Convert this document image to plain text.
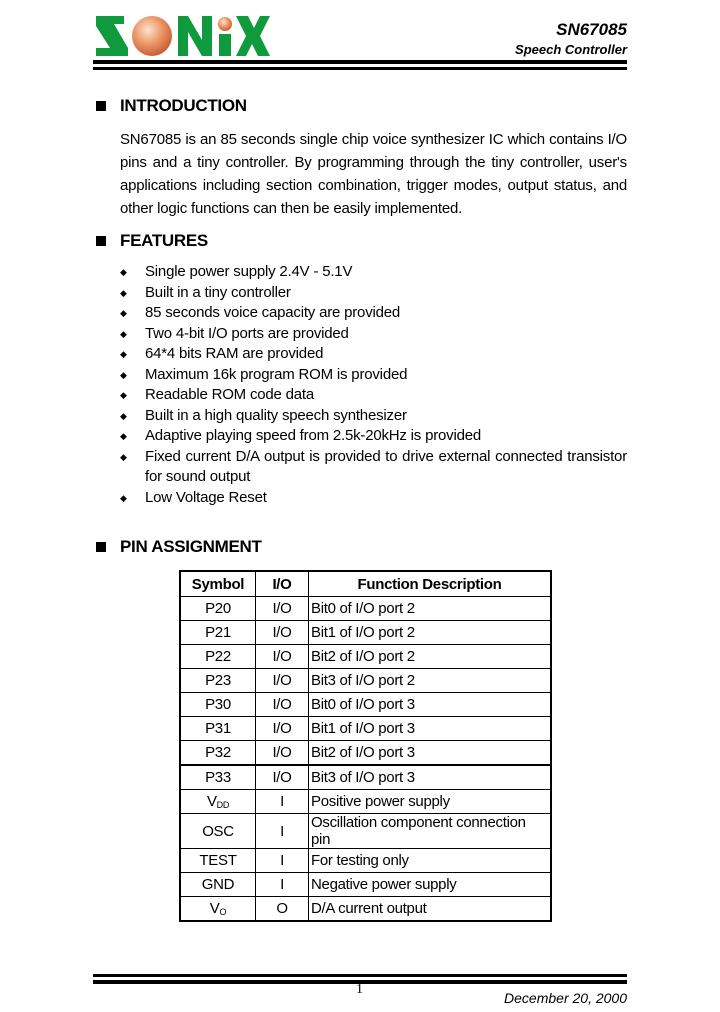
SN67085
Speech Controller
INTRODUCTION
SN67085 is an 85 seconds single chip voice synthesizer IC which contains I/O pins and a tiny controller. By programming through the tiny controller, user's applications including section combination, trigger modes, output status, and other logic functions can then be easily implemented.
FEATURES
◆ Single power supply 2.4V - 5.1V
◆ Built in a tiny controller
◆ 85 seconds voice capacity are provided
◆ Two 4-bit I/O ports are provided
◆ 64*4 bits RAM are provided
◆ Maximum 16k program ROM is provided
◆ Readable ROM code data
◆ Built in a high quality speech synthesizer
◆ Adaptive playing speed from 2.5k-20kHz is provided
◆ Fixed current D/A output is provided to drive external connected transistor for sound output
◆ Low Voltage Reset
PIN ASSIGNMENT
Symbol	I/O	Function Description
P20	I/O	Bit0 of I/O port 2
P21	I/O	Bit1 of I/O port 2
P22	I/O	Bit2 of I/O port 2
P23	I/O	Bit3 of I/O port 2
P30	I/O	Bit0 of I/O port 3
P31	I/O	Bit1 of I/O port 3
P32	I/O	Bit2 of I/O port 3
P33	I/O	Bit3 of I/O port 3
$V_{DD}$	I	Positive power supply
OSC	I	Oscillation component connection pin
TEST	I	For testing only
GND	I	Negative power supply
$V_O$	O	D/A current output
1
December 20, 2000
